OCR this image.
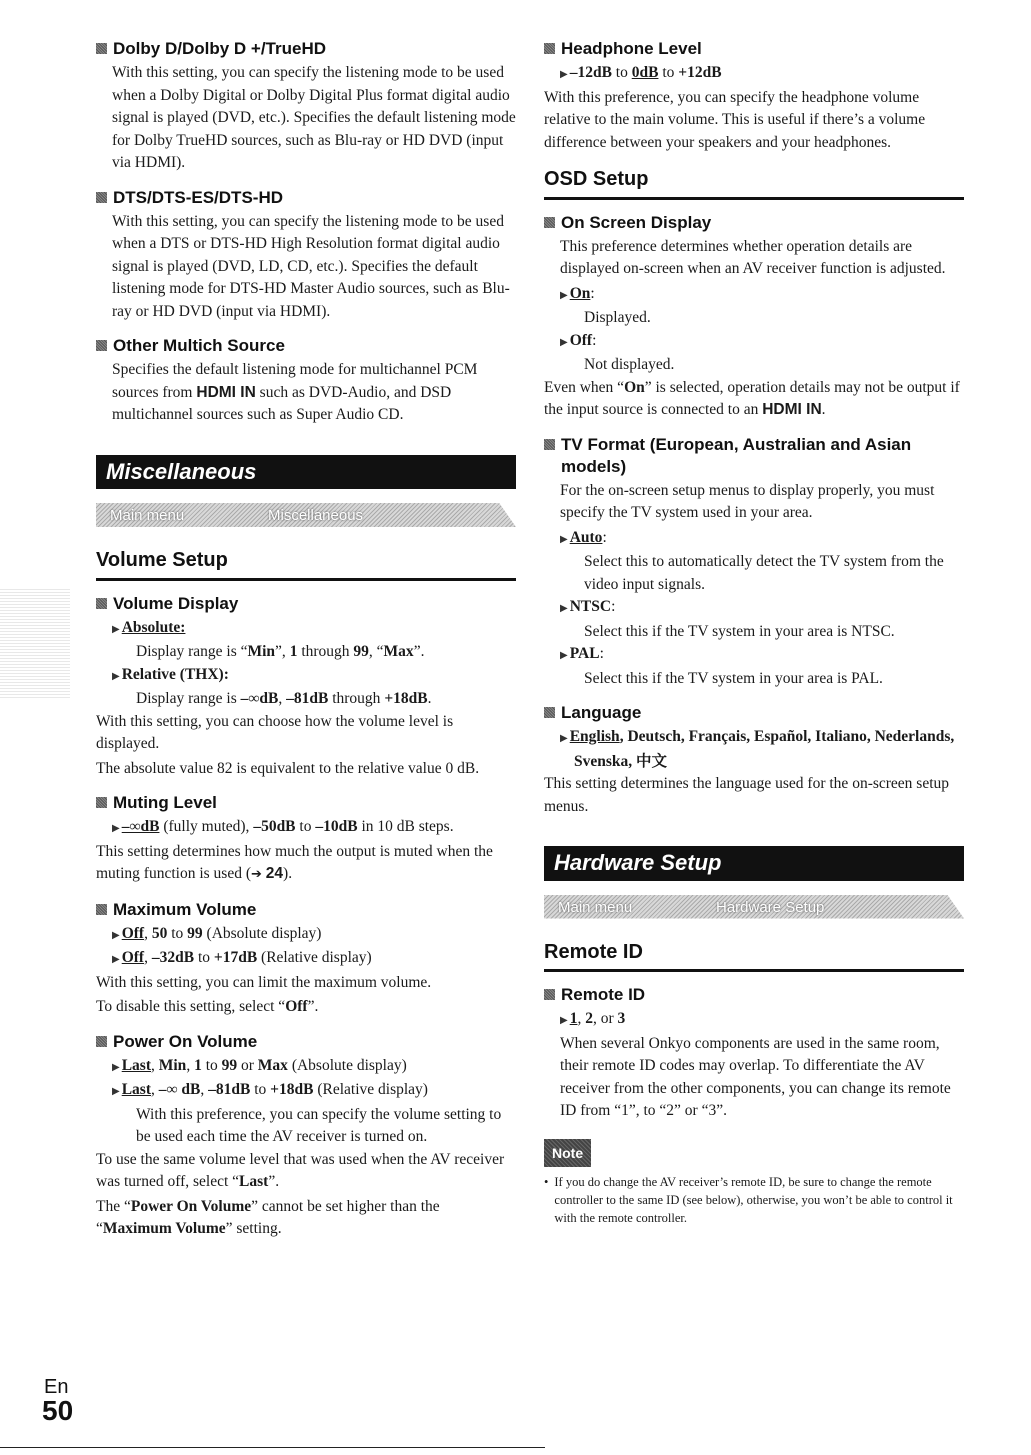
Dolby D/Dolby D +/TrueHD
With this setting, you can specify the listening mode to be used when a Dolby Digital or Dolby Digital Plus format digital audio signal is played (DVD, etc.). Specifies the default listening mode for Dolby TrueHD sources, such as Blu-ray or HD DVD (input via HDMI).
DTS/DTS-ES/DTS-HD
With this setting, you can specify the listening mode to be used when a DTS or DTS-HD High Resolution format digital audio signal is played (DVD, LD, CD, etc.). Specifies the default listening mode for DTS-HD Master Audio sources, such as Blu-ray or HD DVD (input via HDMI).
Other Multich Source
Specifies the default listening mode for multichannel PCM sources from HDMI IN such as DVD-Audio, and DSD multichannel sources such as Super Audio CD.
Miscellaneous
Main menu	Miscellaneous
Volume Setup
Volume Display
▶ Absolute:
Display range is “Min”, 1 through 99, “Max”.
▶ Relative (THX):
Display range is –∞dB, –81dB through +18dB.
With this setting, you can choose how the volume level is displayed.
The absolute value 82 is equivalent to the relative value 0 dB.
Muting Level
▶ –∞dB (fully muted), –50dB to –10dB in 10 dB steps.
This setting determines how much the output is muted when the muting function is used (➔ 24).
Maximum Volume
▶ Off, 50 to 99 (Absolute display)
▶ Off, –32dB to +17dB (Relative display)
With this setting, you can limit the maximum volume.
To disable this setting, select “Off”.
Power On Volume
▶ Last, Min, 1 to 99 or Max (Absolute display)
▶ Last, –∞ dB, –81dB to +18dB (Relative display)
With this preference, you can specify the volume setting to be used each time the AV receiver is turned on.
To use the same volume level that was used when the AV receiver was turned off, select “Last”.
The “Power On Volume” cannot be set higher than the “Maximum Volume” setting.
Headphone Level
▶ –12dB to 0dB to +12dB
With this preference, you can specify the headphone volume relative to the main volume. This is useful if there’s a volume difference between your speakers and your headphones.
OSD Setup
On Screen Display
This preference determines whether operation details are displayed on-screen when an AV receiver function is adjusted.
▶ On:
Displayed.
▶ Off:
Not displayed.
Even when “On” is selected, operation details may not be output if the input source is connected to an HDMI IN.
TV Format (European, Australian and Asian models)
For the on-screen setup menus to display properly, you must specify the TV system used in your area.
▶ Auto:
Select this to automatically detect the TV system from the video input signals.
▶ NTSC:
Select this if the TV system in your area is NTSC.
▶ PAL:
Select this if the TV system in your area is PAL.
Language
▶ English, Deutsch, Français, Español, Italiano, Nederlands, Svenska, 中文
This setting determines the language used for the on-screen setup menus.
Hardware Setup
Main menu	Hardware Setup
Remote ID
Remote ID
▶ 1, 2, or 3
When several Onkyo components are used in the same room, their remote ID codes may overlap. To differentiate the AV receiver from the other components, you can change its remote ID from “1”, to “2” or “3”.
Note
• If you do change the AV receiver’s remote ID, be sure to change the remote controller to the same ID (see below), otherwise, you won’t be able to control it with the remote controller.
En
50
